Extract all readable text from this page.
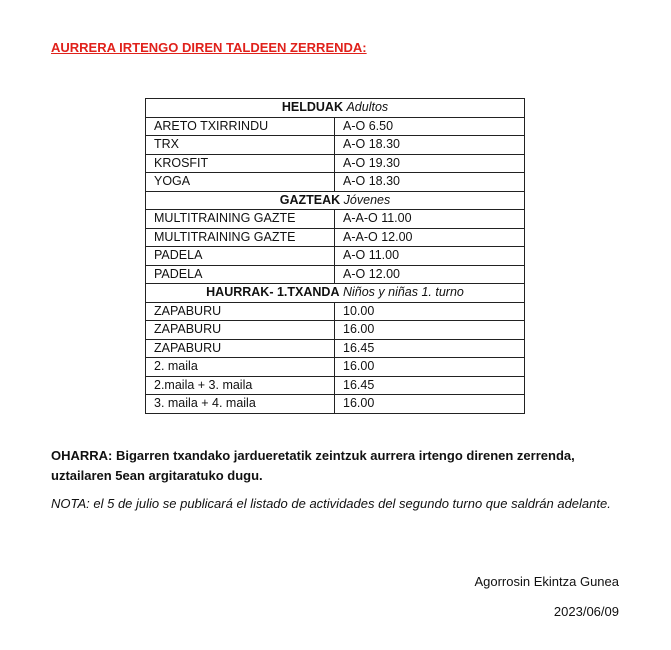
AURRERA IRTENGO DIREN TALDEEN ZERRENDA:
HELDUAK Adultos	
ARETO TXIRRINDU	A-O 6.50
TRX	A-O 18.30
KROSFIT	A-O 19.30
YOGA	A-O 18.30
GAZTEAK Jóvenes	
MULTITRAINING GAZTE	A-A-O 11.00
MULTITRAINING GAZTE	A-A-O 12.00
PADELA	A-O 11.00
PADELA	A-O 12.00
HAURRAK- 1.TXANDA Niños y niñas 1. turno	
ZAPABURU	10.00
ZAPABURU	16.00
ZAPABURU	16.45
2. maila	16.00
2.maila + 3. maila	16.45
3. maila + 4. maila	16.00
OHARRA: Bigarren txandako jardueretatik zeintzuk aurrera irtengo direnen zerrenda, uztailaren 5ean argitaratuko dugu.
NOTA: el 5 de julio se publicará el listado de actividades del segundo turno que saldrán adelante.
Agorrosin Ekintza Gunea
2023/06/09
